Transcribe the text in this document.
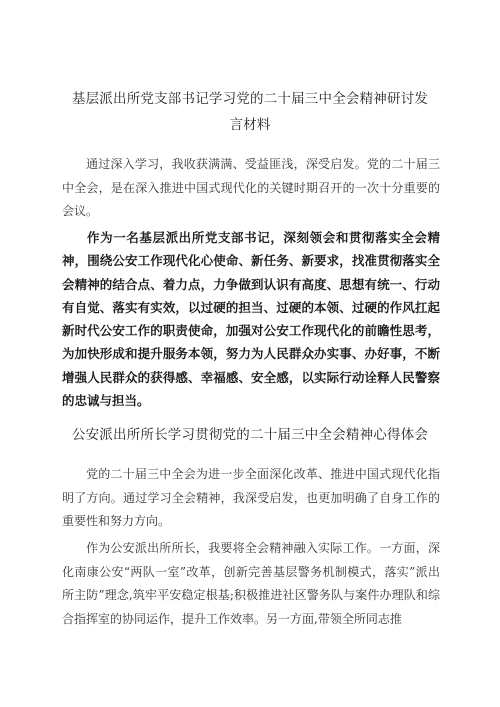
基层派出所党支部书记学习党的二十届三中全会精神研讨发言材料

通过深入学习，我收获满满、受益匪浅，深受启发。党的二十届三中全会，是在深入推进中国式现代化的关键时期召开的一次十分重要的会议。

作为一名基层派出所党支部书记，深刻领会和贯彻落实全会精神，围绕公安工作现代化心使命、新任务、新要求，找准贯彻落实全会精神的结合点、着力点，力争做到认识有高度、思想有统一、行动有自觉、落实有实效，以过硬的担当、过硬的本领、过硬的作风扛起新时代公安工作的职责使命，加强对公安工作现代化的前瞻性思考，为加快形成和提升服务本领，努力为人民群众办实事、办好事，不断增强人民群众的获得感、幸福感、安全感，以实际行动诠释人民警察的忠诚与担当。

公安派出所所长学习贯彻党的二十届三中全会精神心得体会

党的二十届三中全会为进一步全面深化改革、推进中国式现代化指明了方向。通过学习全会精神，我深受启发，也更加明确了自身工作的重要性和努力方向。

作为公安派出所所长，我要将全会精神融入实际工作。一方面，深化南康公安“两队一室”改革，创新完善基层警务机制模式，落实”派出所主防”理念,筑牢平安稳定根基;积极推进社区警务队与案件办理队和综合指挥室的协同运作，提升工作效率。另一方面,带领全所同志推
